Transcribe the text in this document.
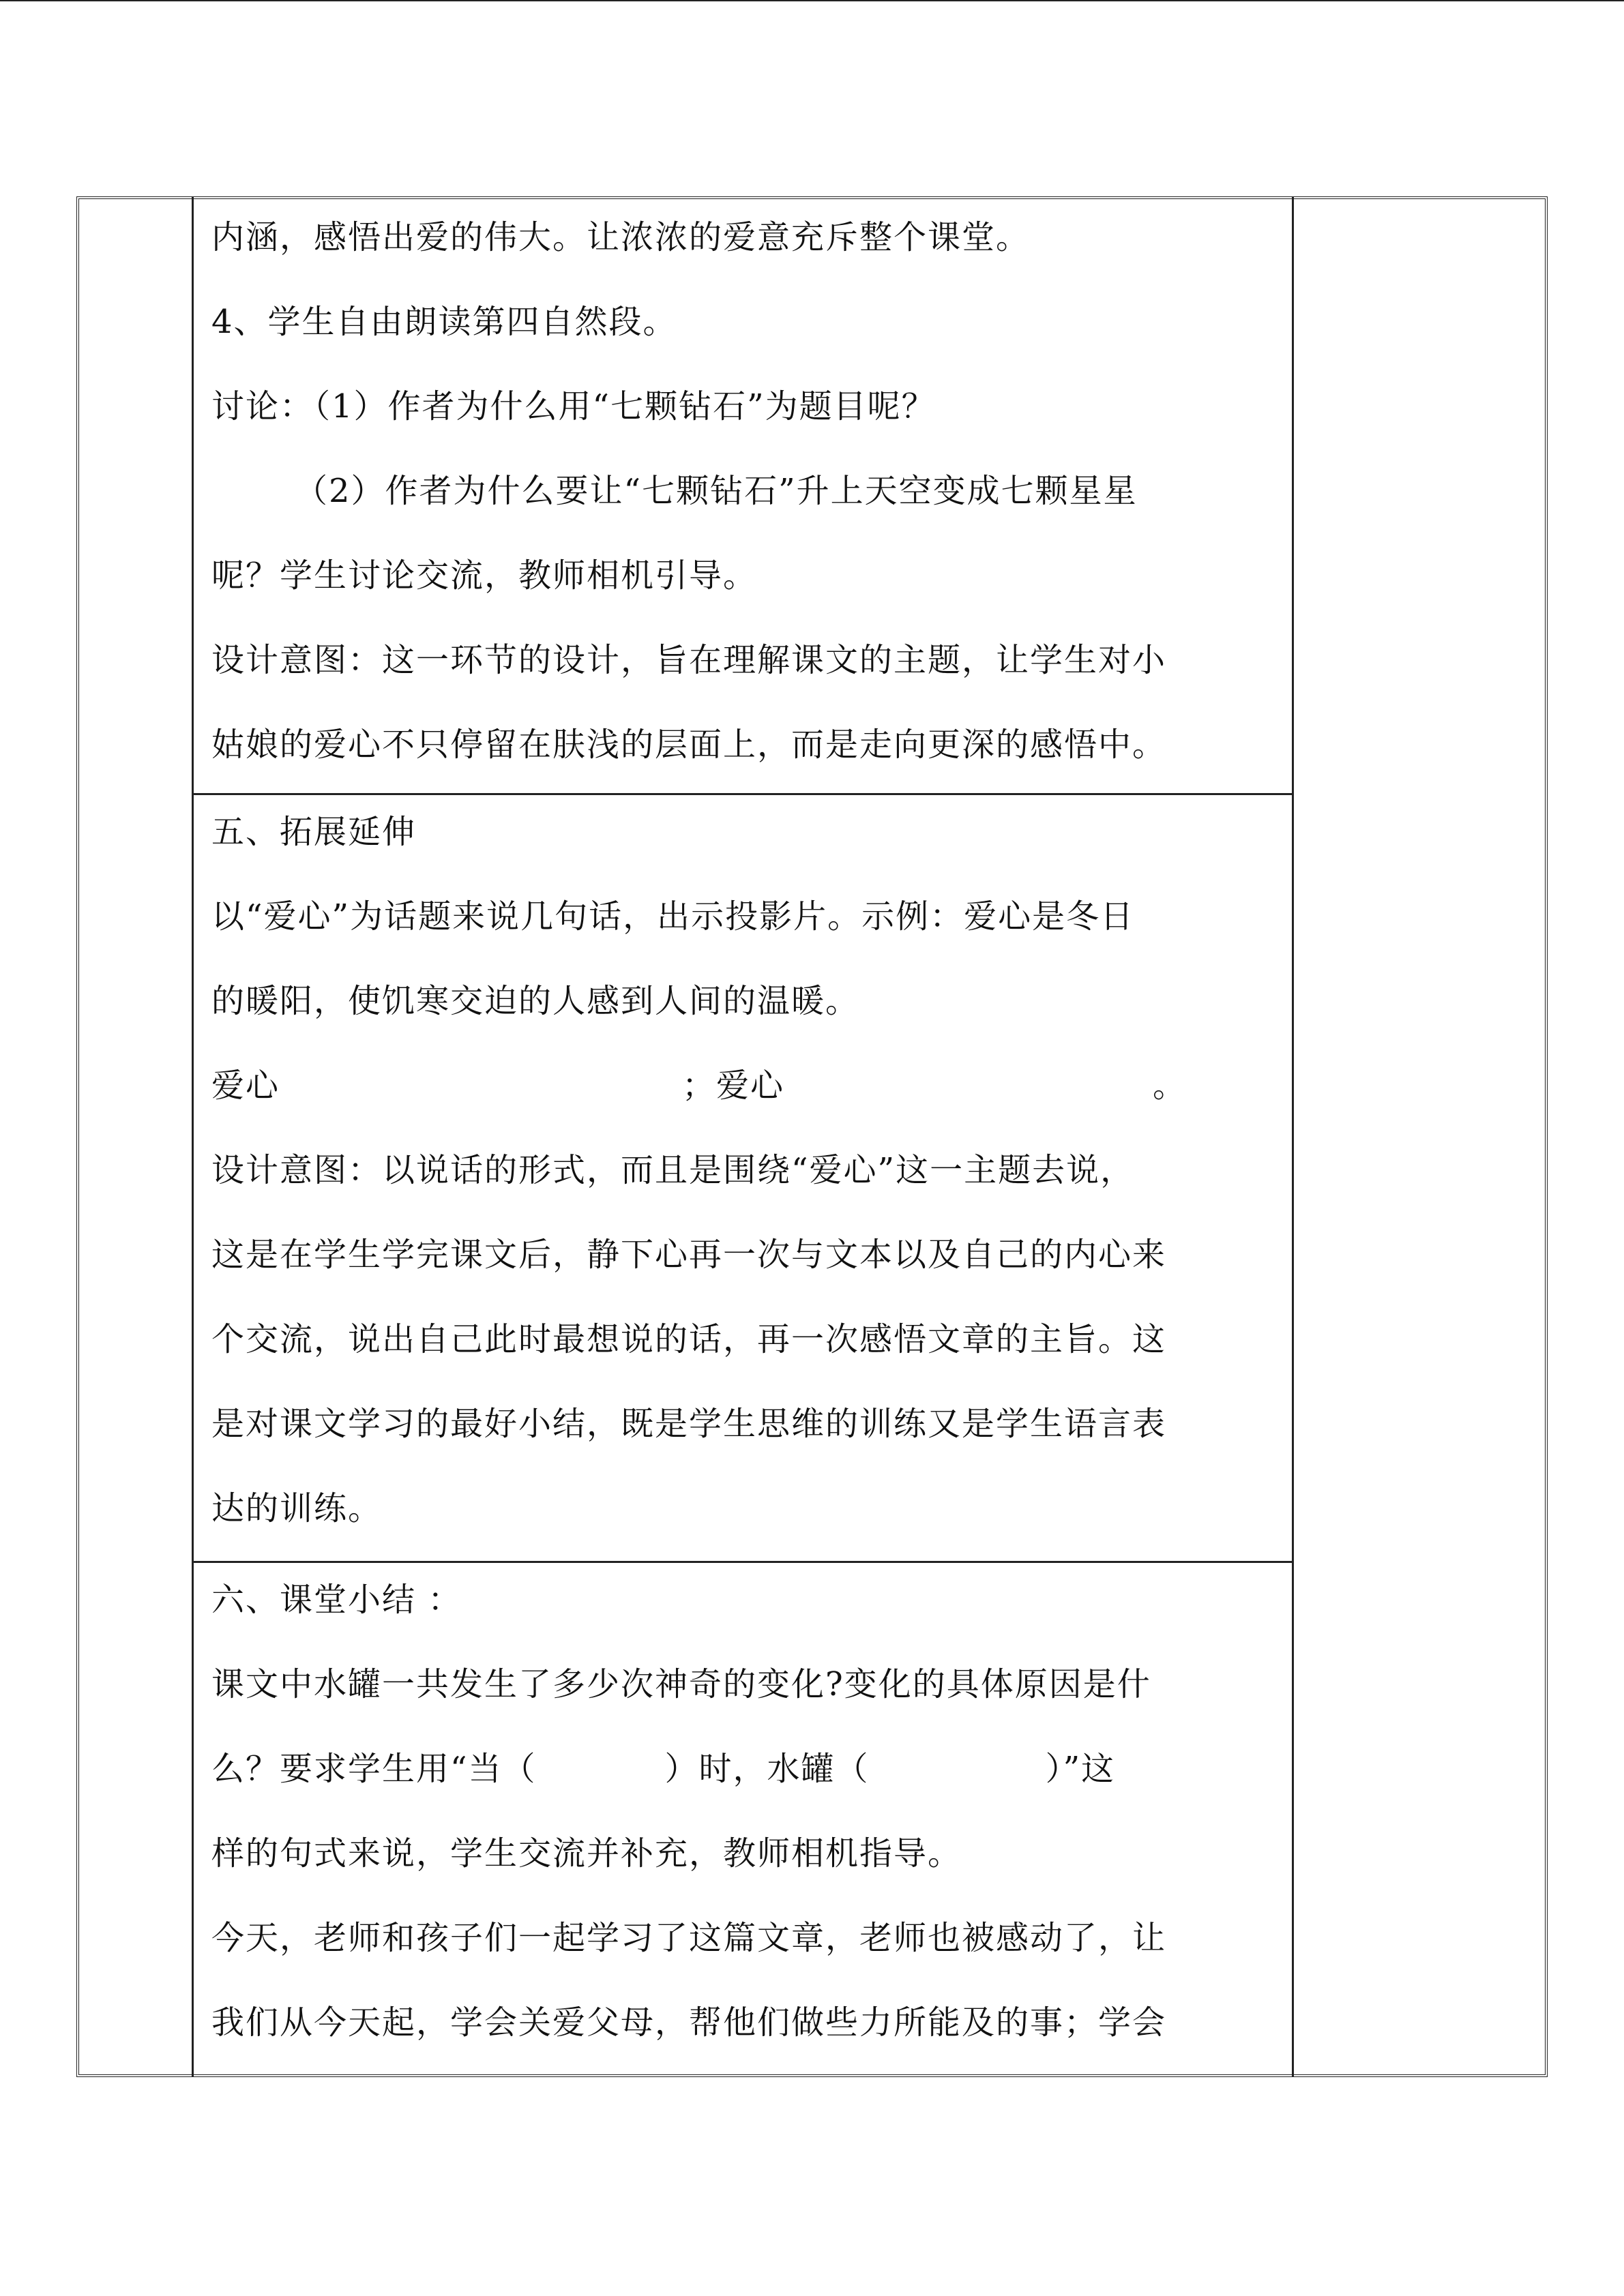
内涵，感悟出爱的伟大。让浓浓的爱意充斥整个课堂。
4、学生自由朗读第四自然段。
讨论：（1）作者为什么用“七颗钻石”为题目呢？
（2）作者为什么要让“七颗钻石”升上天空变成七颗星星
呢？学生讨论交流，教师相机引导。
设计意图：这一环节的设计，旨在理解课文的主题，让学生对小
姑娘的爱心不只停留在肤浅的层面上，而是走向更深的感悟中。
五、拓展延伸
以“爱心”为话题来说几句话，出示投影片。示例：爱心是冬日
的暖阳，使饥寒交迫的人感到人间的温暖。
爱心	；爱心	。
设计意图：以说话的形式，而且是围绕“爱心”这一主题去说，
这是在学生学完课文后，静下心再一次与文本以及自己的内心来
个交流，说出自己此时最想说的话，再一次感悟文章的主旨。这
是对课文学习的最好小结，既是学生思维的训练又是学生语言表
达的训练。
六、课堂小结 ：
课文中水罐一共发生了多少次神奇的变化?变化的具体原因是什
么？要求学生用“当（	）时，水罐（	）”这
样的句式来说，学生交流并补充，教师相机指导。
今天，老师和孩子们一起学习了这篇文章，老师也被感动了，让
我们从今天起，学会关爱父母，帮他们做些力所能及的事；学会
